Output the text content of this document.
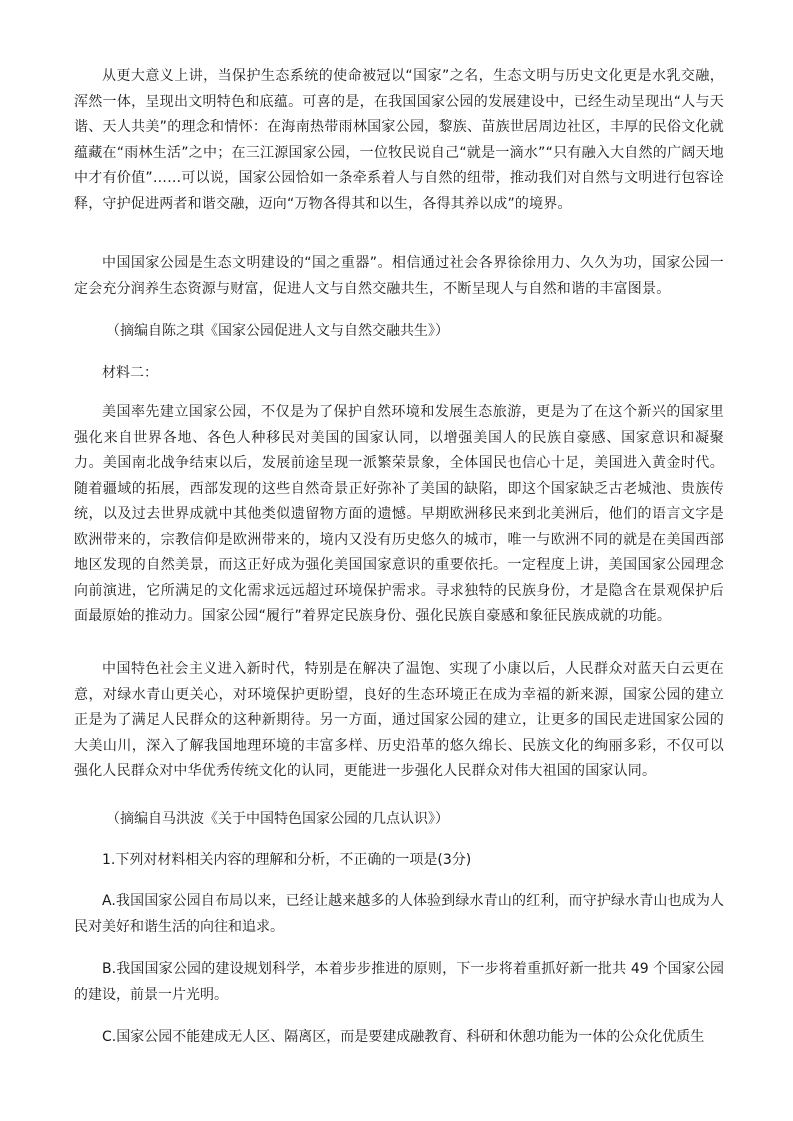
从更大意义上讲，当保护生态系统的使命被冠以“国家”之名，生态文明与历史文化更是水乳交融，浑然一体，呈现出文明特色和底蕴。可喜的是，在我国国家公园的发展建设中，已经生动呈现出“人与天谐、天人共美”的理念和情怀：在海南热带雨林国家公园，黎族、苗族世居周边社区，丰厚的民俗文化就蕴藏在“雨林生活”之中；在三江源国家公园，一位牧民说自己“就是一滴水”“只有融入大自然的广阔天地中才有价值”……可以说，国家公园恰如一条牵系着人与自然的纽带，推动我们对自然与文明进行包容诠释，守护促进两者和谐交融，迈向“万物各得其和以生，各得其养以成”的境界。

中国国家公园是生态文明建设的“国之重器”。相信通过社会各界徐徐用力、久久为功，国家公园一定会充分润养生态资源与财富，促进人文与自然交融共生，不断呈现人与自然和谐的丰富图景。

（摘编自陈之琪《国家公园促进人文与自然交融共生》）

材料二：

美国率先建立国家公园，不仅是为了保护自然环境和发展生态旅游，更是为了在这个新兴的国家里强化来自世界各地、各色人种移民对美国的国家认同，以增强美国人的民族自豪感、国家意识和凝聚力。美国南北战争结束以后，发展前途呈现一派繁荣景象，全体国民也信心十足，美国进入黄金时代。随着疆域的拓展，西部发现的这些自然奇景正好弥补了美国的缺陷，即这个国家缺乏古老城池、贵族传统，以及过去世界成就中其他类似遗留物方面的遗憾。早期欧洲移民来到北美洲后，他们的语言文字是欧洲带来的，宗教信仰是欧洲带来的，境内又没有历史悠久的城市，唯一与欧洲不同的就是在美国西部地区发现的自然美景，而这正好成为强化美国国家意识的重要依托。一定程度上讲，美国国家公园理念向前演进，它所满足的文化需求远远超过环境保护需求。寻求独特的民族身份，才是隐含在景观保护后面最原始的推动力。国家公园“履行”着界定民族身份、强化民族自豪感和象征民族成就的功能。

中国特色社会主义进入新时代，特别是在解决了温饱、实现了小康以后，人民群众对蓝天白云更在意，对绿水青山更关心，对环境保护更盼望，良好的生态环境正在成为幸福的新来源，国家公园的建立正是为了满足人民群众的这种新期待。另一方面，通过国家公园的建立，让更多的国民走进国家公园的大美山川，深入了解我国地理环境的丰富多样、历史沿革的悠久绵长、民族文化的绚丽多彩，不仅可以强化人民群众对中华优秀传统文化的认同，更能进一步强化人民群众对伟大祖国的国家认同。

（摘编自马洪波《关于中国特色国家公园的几点认识》）

1.下列对材料相关内容的理解和分析，不正确的一项是(3分)

A.我国国家公园自布局以来，已经让越来越多的人体验到绿水青山的红利，而守护绿水青山也成为人民对美好和谐生活的向往和追求。

B.我国国家公园的建设规划科学，本着步步推进的原则，下一步将着重抓好新一批共 49 个国家公园的建设，前景一片光明。

C.国家公园不能建成无人区、隔离区，而是要建成融教育、科研和休憩功能为一体的公众化优质生
